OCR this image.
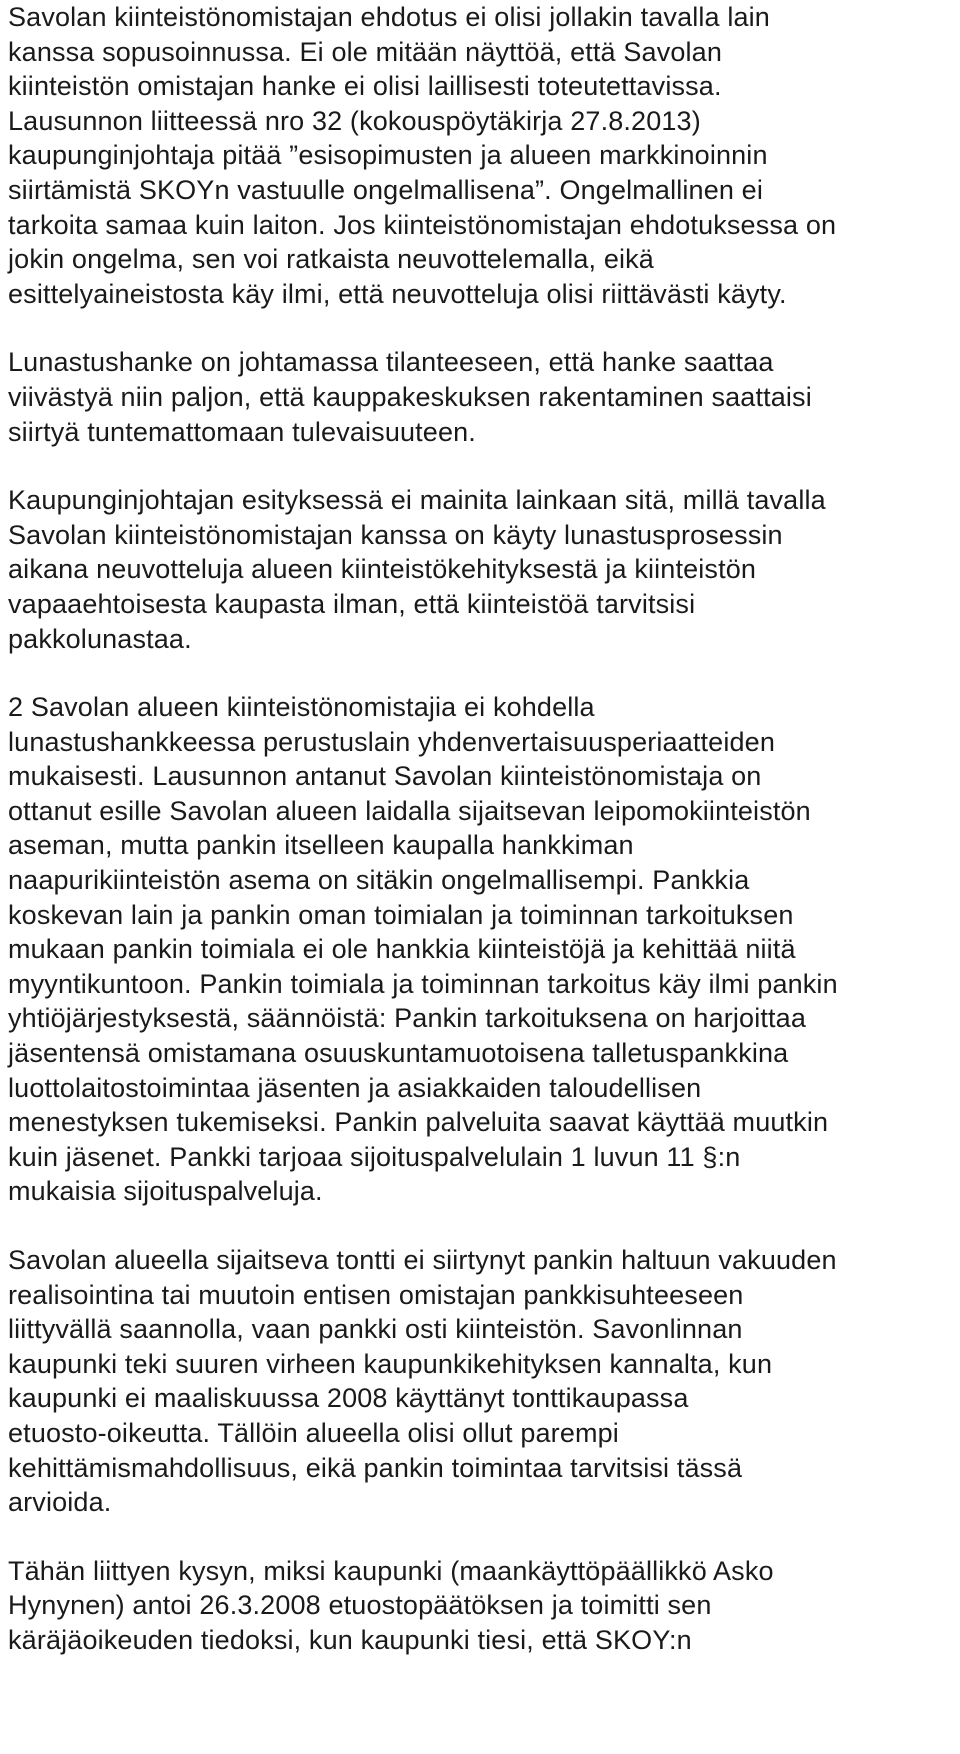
Savolan kiinteistönomistajan ehdotus ei olisi jollakin tavalla lain
kanssa sopusoinnussa. Ei ole mitään näyttöä, että Savolan
kiinteistön omistajan hanke ei olisi laillisesti toteutettavissa.
Lausunnon liitteessä nro 32 (kokouspöytäkirja 27.8.2013)
kaupunginjohtaja pitää ”esisopimusten ja alueen markkinoinnin
siirtämistä SKOYn vastuulle ongelmallisena”. Ongelmallinen ei
tarkoita samaa kuin laiton. Jos kiinteistönomistajan ehdotuksessa on
jokin ongelma, sen voi ratkaista neuvottelemalla, eikä
esittelyaineistosta käy ilmi, että neuvotteluja olisi riittävästi käyty.
Lunastushanke on johtamassa tilanteeseen, että hanke saattaa
viivästyä niin paljon, että kauppakeskuksen rakentaminen saattaisi
siirtyä tuntemattomaan tulevaisuuteen.
Kaupunginjohtajan esityksessä ei mainita lainkaan sitä, millä tavalla
Savolan kiinteistönomistajan kanssa on käyty lunastusprosessin
aikana neuvotteluja alueen kiinteistökehityksestä ja kiinteistön
vapaaehtoisesta kaupasta ilman, että kiinteistöä tarvitsisi
pakkolunastaa.
2 Savolan alueen kiinteistönomistajia ei kohdella
lunastushankkeessa perustuslain yhdenvertaisuusperiaatteiden
mukaisesti. Lausunnon antanut Savolan kiinteistönomistaja on
ottanut esille Savolan alueen laidalla sijaitsevan leipomokiinteistön
aseman, mutta pankin itselleen kaupalla hankkiman
naapurikiinteistön asema on sitäkin ongelmallisempi. Pankkia
koskevan lain ja pankin oman toimialan ja toiminnan tarkoituksen
mukaan pankin toimiala ei ole hankkia kiinteistöjä ja kehittää niitä
myyntikuntoon. Pankin toimiala ja toiminnan tarkoitus käy ilmi pankin
yhtiöjärjestyksestä, säännöistä: Pankin tarkoituksena on harjoittaa
jäsentensä omistamana osuuskuntamuotoisena talletuspankkina
luottolaitostoimintaa jäsenten ja asiakkaiden taloudellisen
menestyksen tukemiseksi. Pankin palveluita saavat käyttää muutkin
kuin jäsenet. Pankki tarjoaa sijoituspalvelulain 1 luvun 11 §:n
mukaisia sijoituspalveluja.
Savolan alueella sijaitseva tontti ei siirtynyt pankin haltuun vakuuden
realisointina tai muutoin entisen omistajan pankkisuhteeseen
liittyvällä saannolla, vaan pankki osti kiinteistön. Savonlinnan
kaupunki teki suuren virheen kaupunkikehityksen kannalta, kun
kaupunki ei maaliskuussa 2008 käyttänyt tonttikaupassa
etuosto-oikeutta. Tällöin alueella olisi ollut parempi
kehittämismahdollisuus, eikä pankin toimintaa tarvitsisi tässä
arvioida.
Tähän liittyen kysyn, miksi kaupunki (maankäyttöpäällikkö Asko
Hynynen) antoi 26.3.2008 etuostopäätöksen ja toimitti sen
käräjäoikeuden tiedoksi, kun kaupunki tiesi, että SKOY:n
